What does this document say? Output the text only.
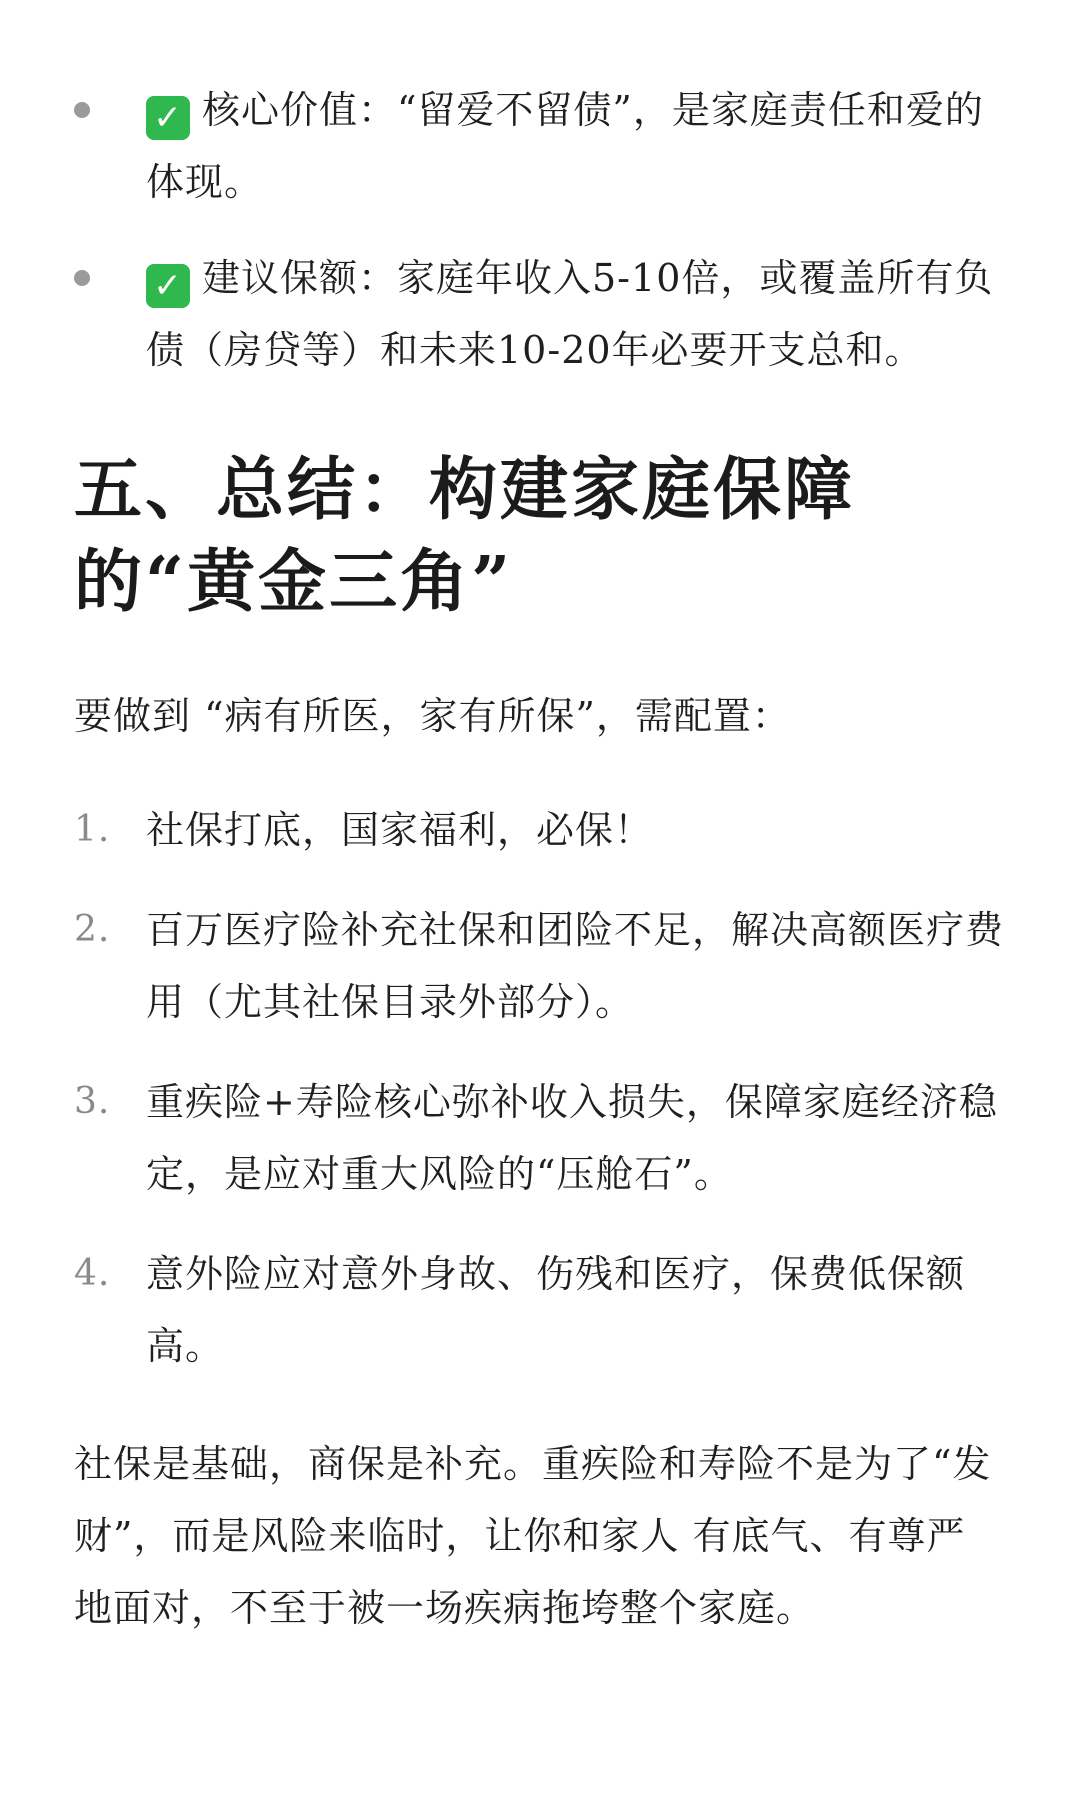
✓ 核心价值：“留爱不留债”，是家庭责任和爱的体现。
✓ 建议保额：家庭年收入5-10倍，或覆盖所有负债（房贷等）和未来10-20年必要开支总和。
五、总结：构建家庭保障
的“黄金三角”

要做到 “病有所医，家有所保”，需配置：

1. 社保打底，国家福利，必保！
2. 百万医疗险补充社保和团险不足，解决高额医疗费用（尤其社保目录外部分）。
3. 重疾险+寿险核心弥补收入损失，保障家庭经济稳定，是应对重大风险的“压舱石”。
4. 意外险应对意外身故、伤残和医疗，保费低保额高。

社保是基础，商保是补充。重疾险和寿险不是为了“发财”，而是风险来临时，让你和家人 有底气、有尊严地面对，不至于被一场疾病拖垮整个家庭。
